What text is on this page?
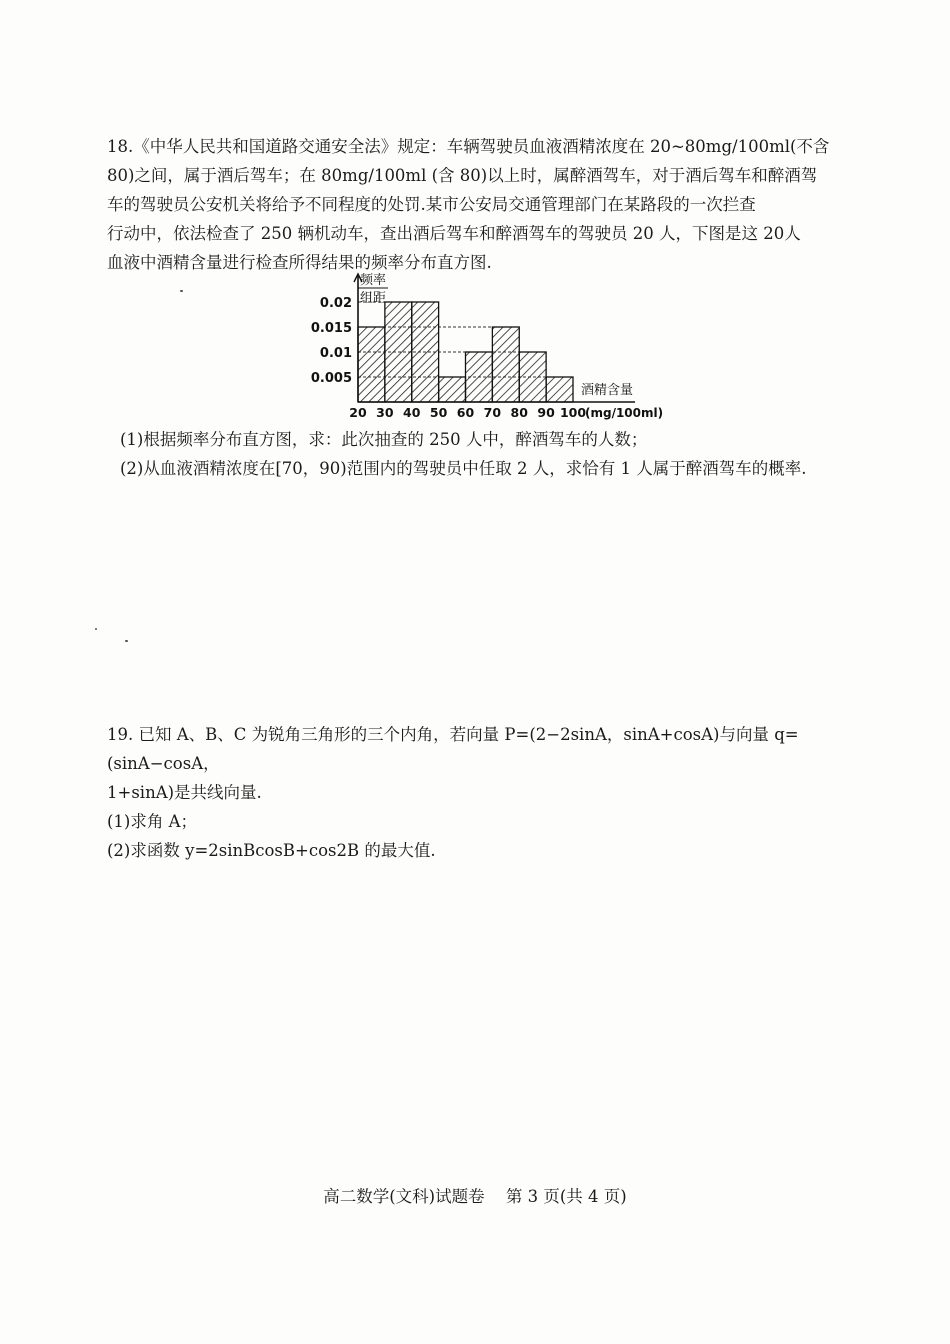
18.《中华人民共和国道路交通安全法》规定：车辆驾驶员血液酒精浓度在 20~80mg/100ml(不含

80)之间，属于酒后驾车；在 80mg/100ml (含 80)以上时，属醉酒驾车，对于酒后驾车和醉酒驾

车的驾驶员公安机关将给予不同程度的处罚.某市公安局交通管理部门在某路段的一次拦查

行动中，依法检查了 250 辆机动车，查出酒后驾车和醉酒驾车的驾驶员 20 人，下图是这 20人

血液中酒精含量进行检查所得结果的频率分布直方图.

0.005
0.01
0.015
0.02
频率
组距
20 30 40 50 60 70 80 90 100
(mg/100ml)
酒精含量

(1)根据频率分布直方图，求：此次抽查的 250 人中，醉酒驾车的人数；

(2)从血液酒精浓度在[70，90)范围内的驾驶员中任取 2 人，求恰有 1 人属于醉酒驾车的概率.

19. 已知 A、B、C 为锐角三角形的三个内角，若向量 P=(2−2sinA，sinA+cosA)与向量 q=(sinA−cosA，

1+sinA)是共线向量.

(1)求角 A；

(2)求函数 y=2sinBcosB+cos2B 的最大值.

高二数学(文科)试题卷 第 3 页(共 4 页)
